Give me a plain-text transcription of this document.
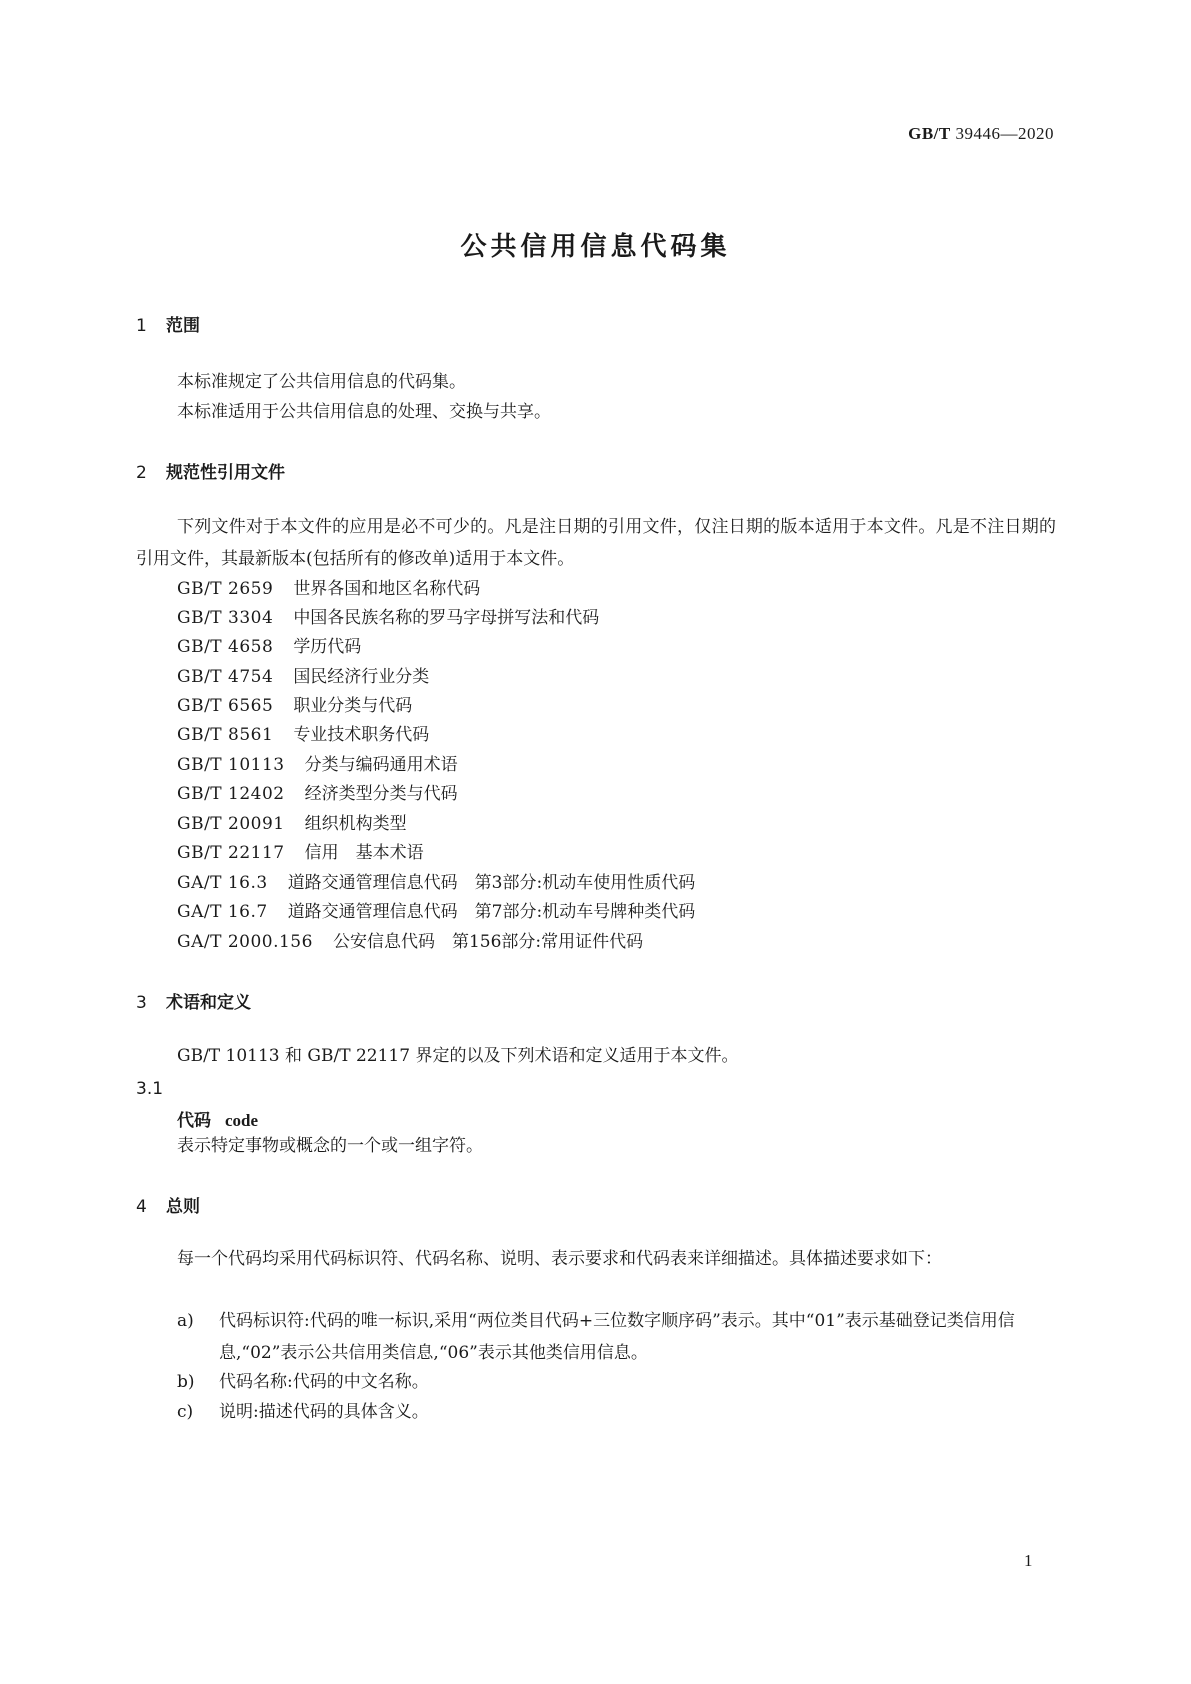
GB/T 39446—2020
公共信用信息代码集
1 范围

本标准规定了公共信用信息的代码集。

本标准适用于公共信用信息的处理、交换与共享。

2 规范性引用文件

下列文件对于本文件的应用是必不可少的。凡是注日期的引用文件，仅注日期的版本适用于本文件。凡是不注日期的引用文件，其最新版本(包括所有的修改单)适用于本文件。

GB/T 2659 世界各国和地区名称代码
GB/T 3304 中国各民族名称的罗马字母拼写法和代码
GB/T 4658 学历代码
GB/T 4754 国民经济行业分类
GB/T 6565 职业分类与代码
GB/T 8561 专业技术职务代码
GB/T 10113 分类与编码通用术语
GB/T 12402 经济类型分类与代码
GB/T 20091 组织机构类型
GB/T 22117 信用　基本术语
GA/T 16.3 道路交通管理信息代码　第3部分:机动车使用性质代码
GA/T 16.7 道路交通管理信息代码　第7部分:机动车号牌种类代码
GA/T 2000.156 公安信息代码　第156部分:常用证件代码
3 术语和定义

GB/T 10113 和 GB/T 22117 界定的以及下列术语和定义适用于本文件。

3.1
代码 code

表示特定事物或概念的一个或一组字符。

4 总则

每一个代码均采用代码标识符、代码名称、说明、表示要求和代码表来详细描述。具体描述要求如下：

a)	代码标识符:代码的唯一标识,采用“两位类目代码+三位数字顺序码”表示。其中“01”表示基础登记类信用信息,“02”表示公共信用类信息,“06”表示其他类信用信息。
b)	代码名称:代码的中文名称。
c)	说明:描述代码的具体含义。
1
